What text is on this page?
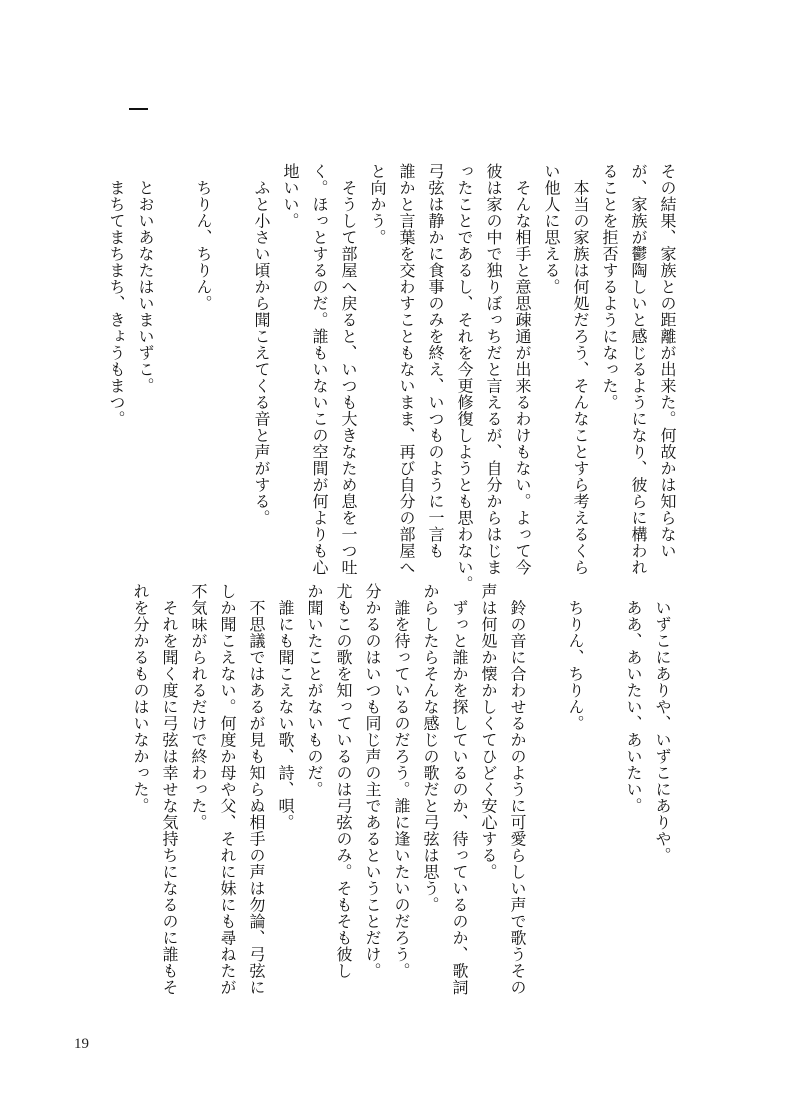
その結果、家族との距離が出来た。何故かは知らない
が、家族が鬱陶しいと感じるようになり、彼らに構われ
ることを拒否するようになった。
　本当の家族は何処だろう、そんなことすら考えるくら
い他人に思える。
　そんな相手と意思疎通が出来るわけもない。よって今
彼は家の中で独りぼっちだと言えるが、自分からはじま
ったことであるし、それを今更修復しようとも思わない。
弓弦は静かに食事のみを終え、いつものように一言も
誰かと言葉を交わすこともないまま、再び自分の部屋へ
と向かう。
　そうして部屋へ戻ると、いつも大きなため息を一つ吐
く。ほっとするのだ。誰もいないこの空間が何よりも心
地いい。
　ふと小さい頃から聞こえてくる音と声がする。
　ちりん、ちりん。
　とおいあなたはいまいずこ。
　まちてまちまち、きょうもまつ。
　いずこにありや、いずこにありや。
　ああ、あいたい、あいたい。
　ちりん、ちりん。
　鈴の音に合わせるかのように可愛らしい声で歌うその
声は何処か懐かしくてひどく安心する。
　ずっと誰かを探しているのか、待っているのか、歌詞
からしたらそんな感じの歌だと弓弦は思う。
　誰を待っているのだろう。誰に逢いたいのだろう。
分かるのはいつも同じ声の主であるということだけ。
尤もこの歌を知っているのは弓弦のみ。そもそも彼し
か聞いたことがないものだ。
　誰にも聞こえない歌、詩、唄。
　不思議ではあるが見も知らぬ相手の声は勿論、弓弦に
しか聞こえない。何度か母や父、それに妹にも尋ねたが
不気味がられるだけで終わった。
　それを聞く度に弓弦は幸せな気持ちになるのに誰もそ
れを分かるものはいなかった。
19
